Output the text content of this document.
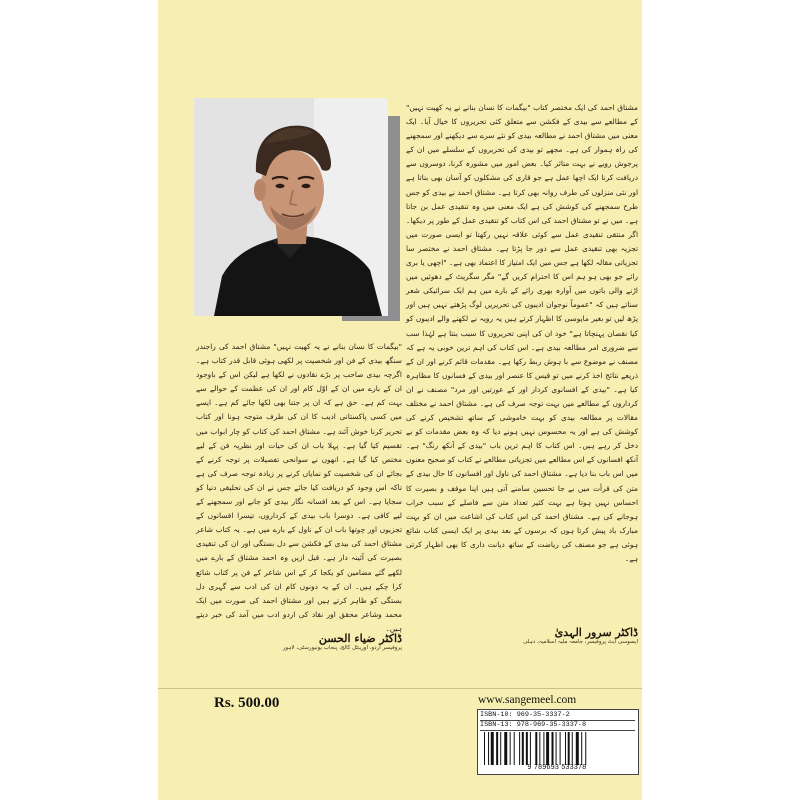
مشتاق احمد کی ایک مختصر کتاب "بیگمات کا نسان بنانے نے یہ کھیت نہیں" کے مطالعے سے بیدی کے فکشن سے متعلق کئی تحریروں کا خیال آیا۔ ایک معنی میں مشتاق احمد نے مطالعہ بیدی کو نئے سرے سے دیکھنے اور سمجھنے کی راہ ہموار کی ہے۔ مجھے تو بیدی کی تحریروں کے سلسلے میں ان کے پرجوش رویے نے بہت متاثر کیا۔ بعض امور میں مشورہ کرنا، دوسروں سے دریافت کرنا ایک اچھا عمل ہے جو قاری کی مشکلوں کو آسان بھی بناتا ہے اور نئی منزلوں کی طرف روانہ بھی کرتا ہے۔ مشتاق احمد نے بیدی کو جس طرح سمجھنے کی کوشش کی ہے ایک معنی میں وہ تنقیدی عمل بن جاتا ہے۔ میں نے تو مشتاق احمد کی اس کتاب کو تنقیدی عمل کے طور پر دیکھا۔ اگر منتقی تنقیدی عمل سے کوئی علاقہ نہیں رکھتا تو ایسی صورت میں تجزیہ بھی تنقیدی عمل سے دور جا پڑتا ہے۔ مشتاق احمد نے مختصر سا تجزیاتی مقالہ لکھا ہے جس میں ایک امتیاز کا اعتماد بھی ہے۔ "اچھی یا بری رائے جو بھی ہو ہم اس کا احترام کریں گے" مگر سگریٹ کے دھوئیں میں اڑنے والی باتوں میں آوارہ بھری رائے کے بارے میں ہم ایک سرائیکی شعر سناتے ہیں کہ "عموماً نوجوان ادیبوں کی تحریریں لوگ پڑھتے نہیں ہیں اور پڑھ لیں تو بغیر مایوسی کا اظہار کرتے ہیں یہ رویہ نے لکھنے والے ادیبوں کو کیا نقصان پہنچاتا ہے" خود ان کی اپنی تحریروں کا سبب بنتا ہے لہٰذا سب سے ضروری امر مطالعہ بیدی ہے۔ اس کتاب کی اہم ترین خوبی یہ ہے کہ مصنف نے موضوع سے با ہوش ربط رکھا ہے۔ مقدمات قائم کرنے اور ان کے ذریعے نتائج اخذ کرنے میں تو قیس کا عنصر اور بیدی کے فسانوں کا مظاہرہ کیا ہے۔ "بیدی کے افسانوی کردار اور کے عورتیں اور مرد" مصنف نے ان کرداروں کے مطالعے میں بہت توجہ صرف کی ہے۔ مشتاق احمد نے مختلف مقالات پر مطالعہ بیدی کو بہت خاموشی کے ساتھ تشخیص کرنے کی کوشش کی ہے اور یہ محسوس نہیں ہونے دیا کہ وہ بعض مقدمات کو بے دخل کر رہے ہیں۔ اس کتاب کا اہم ترین باب "بیدی کے آنکھ رنگ" ہے۔ آنکھ افسانوں کے اس مطالعے میں تجزیاتی مطالعے نے کتاب کو صحیح معنوں میں اس باب بنا دیا ہے۔ مشتاق احمد کی ناول اور افسانوں کا حال بیدی کے متن کی قرأت میں بے جا تحسین سامنے آتی ہیں اپنا موقف و بصیرت کا احساس نہیں ہوتا ہے بہت کثیر تعداد متن سے فاصلے کے سبب خراب ہوجانے کی ہے۔ مشتاق احمد کی اس کتاب کی اشاعت میں ان کو بہت مبارک باد پیش کرتا ہوں کہ برسوں کے بعد بیدی پر ایک ایسی کتاب شائع ہوئی ہے جو مصنف کی ریاضت کے ساتھ دیانت داری کا بھی اظہار کرتی ہے۔
ڈاکٹر سرور الہدیٰ
ایسوسی ایٹ پروفیسر، جامعہ ملیہ اسلامیہ، دہلی
"بیگمات کا نسان بنانے نے یہ کھیت نہیں" مشتاق احمد کی راجندر سنگھ بیدی کے فن اور شخصیت پر لکھی ہوئی قابل قدر کتاب ہے۔ اگرچہ بیدی صاحب پر بڑے نقادوں نے لکھا ہے لیکن اس کے باوجود ان کے بارے میں ان کے اوّل کام اور ان کی عظمت کے حوالے سے بہت کم ہے۔ حق ہے کہ ان پر جتنا بھی لکھا جائے کم ہے۔ ایسے میں کسی پاکستانی ادیب کا ان کی طرف متوجہ ہونا اور کتاب تحریر کرنا خوش آئند ہے۔ مشتاق احمد کی کتاب کو چار ابواب میں تقسیم کیا گیا ہے۔ پہلا باب ان کی حیات اور نظریہ فن کے لیے مختص کیا گیا ہے۔ انھوں نے سوانحی تفصیلات پر توجہ کرنے کے بجائے ان کی شخصیت کو نمایاں کرنے پر زیادہ توجہ صرف کی ہے تاکہ اس وجود کو دریافت کیا جائے جس نے ان کی تحلیقی دنیا کو سجایا ہے۔ اس کے بعد افسانہ نگار بیدی کو جانے اور سمجھنے کے لیے کافی ہے۔ دوسرا باب بیدی کے کرداروں، تیسرا افسانوں کے تجزیوں اور چوتھا باب ان کے ناول کے بارے میں ہے۔ یہ کتاب شاعر مشتاق احمد کی بیدی کے فکشن سے دل بستگی اور ان کی تنقیدی بصیرت کی آئینہ دار ہے۔ قبل ازیں وہ احمد مشتاق کے بارے میں لکھے گئے مضامین کو یکجا کر کے اس شاعر کے فن پر کتاب شائع کرا چکے ہیں۔ ان کے یہ دونوں کام ان کی ادب سے گہری دل بستگی کو ظاہر کرتے ہیں اور مشتاق احمد کی صورت میں ایک محمد وشاعر محقق اور نقاد کی اردو ادب میں آمد کی خبر دیتے ہیں۔
ڈاکٹر ضیاء الحسن
پروفیسر اردو، اورینٹل کالج، پنجاب یونیورسٹی، لاہور
Rs. 500.00	www.sangemeel.com
ISBN-10: 969-35-3337-2
ISBN-13: 978-969-35-3337-8
9 789693 533378
